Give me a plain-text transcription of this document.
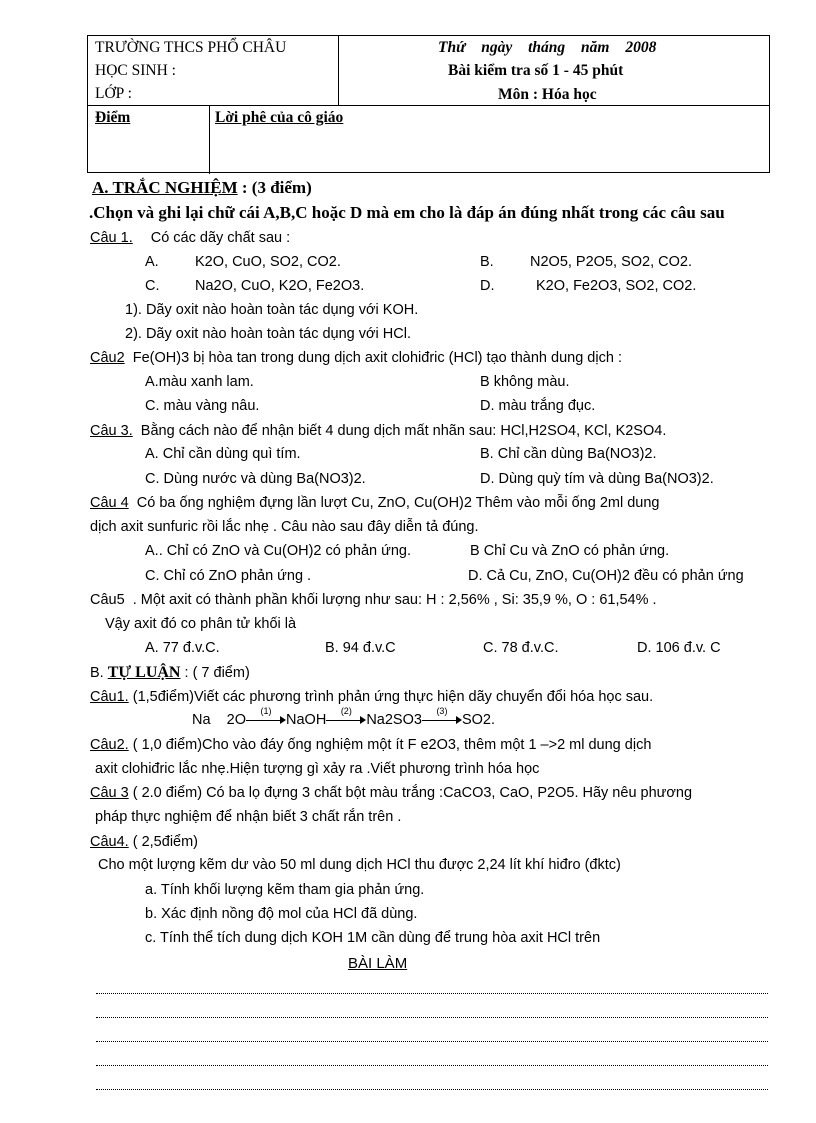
TRƯỜNG THCS PHỔ CHÂU
HỌC SINH :
LỚP :
Thứ ngày tháng năm 2008
Bài kiểm tra số 1 - 45 phút
Môn : Hóa học
Điểm	Lời phê của cô giáo
A. TRẮC NGHIỆM : (3 điểm)
.Chọn và ghi lại chữ cái A,B,C hoặc D mà em cho là đáp án đúng nhất trong các câu sau
Câu 1. Có các dãy chất sau :
A.	K2O, CuO, SO2, CO2.	B.	N2O5, P2O5, SO2, CO2.
C. Na2O, CuO, K2O, Fe2O3.	D.	K2O, Fe2O3, SO2, CO2.
1). Dãy oxit nào hoàn toàn tác dụng với KOH.
2). Dãy oxit nào hoàn toàn tác dụng với HCl.
Câu2 Fe(OH)3 bị hòa tan trong dung dịch axit clohiđric (HCl) tạo thành dung dịch :
A.màu xanh lam.	B không màu.
C. màu vàng nâu.	D. màu trắng đục.
Câu 3. Bằng cách nào để nhận biết 4 dung dịch mất nhãn sau: HCl,H2SO4, KCl, K2SO4.
A. Chỉ cần dùng quì tím.	B. Chỉ cần dùng Ba(NO3)2.
C. Dùng nước và dùng Ba(NO3)2.	D. Dùng quỳ tím và dùng Ba(NO3)2.
Câu 4 Có ba ống nghiệm đựng lần lượt Cu, ZnO, Cu(OH)2 Thêm vào mỗi ống 2ml dung
dịch axit sunfuric rồi lắc nhẹ . Câu nào sau đây diễn tả đúng.
A.. Chỉ có ZnO và Cu(OH)2 có phản ứng.	B Chỉ Cu và ZnO có phản ứng.
C. Chỉ có ZnO phản ứng .	D. Cả Cu, ZnO, Cu(OH)2 đều có phản ứng
Câu5 . Một axit có thành phần khối lượng như sau: H : 2,56% , Si: 35,9 %, O : 61,54% .
Vậy axit đó co phân tử khối là
A. 77 đ.v.C.	B. 94 đ.v.C	C. 78 đ.v.C.	D. 106 đ.v. C
B. TỰ LUẬN : ( 7 điểm)
Câu1. (1,5điểm)Viết các phương trình phản ứng thực hiện dãy chuyển đổi hóa học sau.
Na 2O
(1)
NaOH
(2)
Na2SO3
(3)
SO2.
Câu2. ( 1,0 điểm)Cho vào đáy ống nghiệm một ít F e2O3, thêm một 1 –>2 ml dung dịch
axit clohiđric lắc nhẹ.Hiện tượng gì xảy ra .Viết phương trình hóa học
Câu 3 ( 2.0 điểm) Có ba lọ đựng 3 chất bột màu trắng :CaCO3, CaO, P2O5. Hãy nêu phương
pháp thực nghiệm để nhận biết 3 chất rắn trên .
Câu4. ( 2,5điểm)
Cho một lượng kẽm dư vào 50 ml dung dịch HCl thu được 2,24 lít khí hiđro (đktc)
a. Tính khối lượng kẽm tham gia phản ứng.
b. Xác định nồng độ mol của HCl đã dùng.
c. Tính thể tích dung dịch KOH 1M cần dùng để trung hòa axit HCl trên
BÀI LÀM
